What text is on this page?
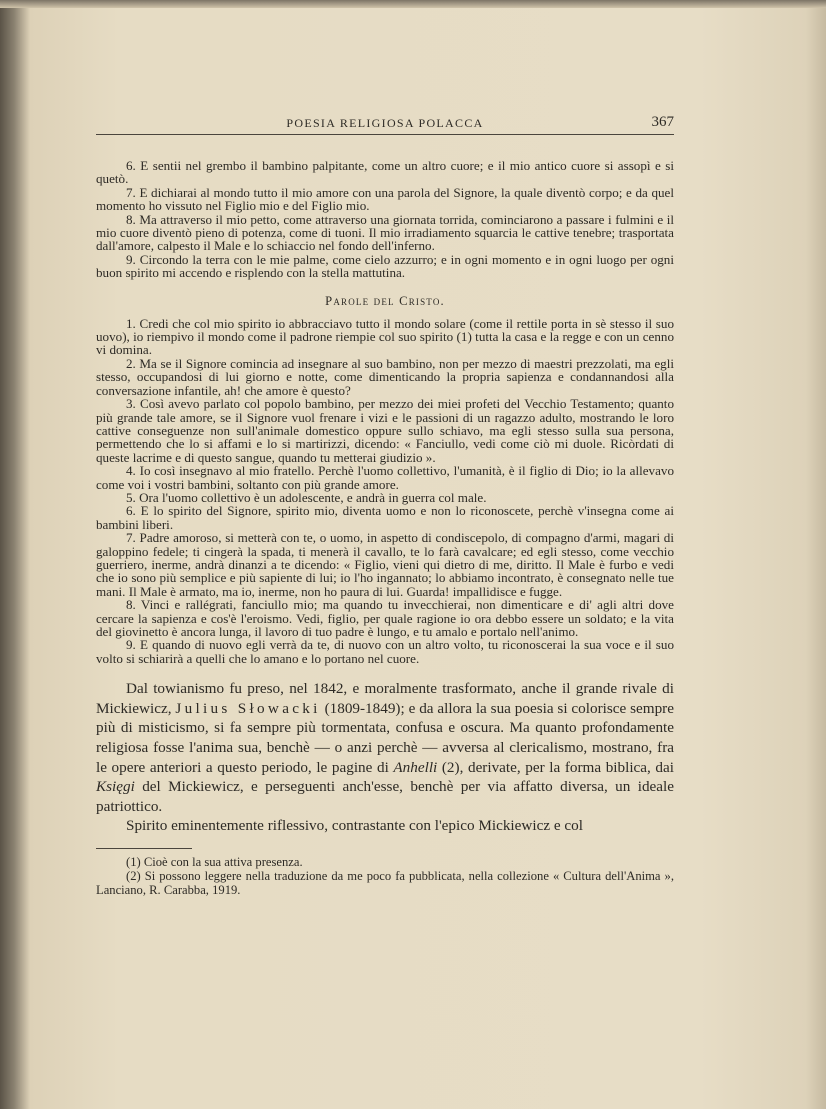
POESIA RELIGIOSA POLACCA	367

6. E sentii nel grembo il bambino palpitante, come un altro cuore; e il mio antico cuore si assopì e si quetò.

7. E dichiarai al mondo tutto il mio amore con una parola del Signore, la quale diventò corpo; e da quel momento ho vissuto nel Figlio mio e del Figlio mio.

8. Ma attraverso il mio petto, come attraverso una giornata torrida, cominciarono a passare i fulmini e il mio cuore diventò pieno di potenza, come di tuoni. Il mio irradiamento squarcia le cattive tenebre; trasportata dall'amore, calpesto il Male e lo schiaccio nel fondo dell'inferno.

9. Circondo la terra con le mie palme, come cielo azzurro; e in ogni momento e in ogni luogo per ogni buon spirito mi accendo e risplendo con la stella mattutina.

Parole del Cristo.

1. Credi che col mio spirito io abbracciavo tutto il mondo solare (come il rettile porta in sè stesso il suo uovo), io riempivo il mondo come il padrone riempie col suo spirito (1) tutta la casa e la regge e con un cenno vi domina.

2. Ma se il Signore comincia ad insegnare al suo bambino, non per mezzo di maestri prezzolati, ma egli stesso, occupandosi di lui giorno e notte, come dimenticando la propria sapienza e condannandosi alla conversazione infantile, ah! che amore è questo?

3. Così avevo parlato col popolo bambino, per mezzo dei miei profeti del Vecchio Testamento; quanto più grande tale amore, se il Signore vuol frenare i vizi e le passioni di un ragazzo adulto, mostrando le loro cattive conseguenze non sull'animale domestico oppure sullo schiavo, ma egli stesso sulla sua persona, permettendo che lo si affami e lo si martirizzi, dicendo: « Fanciullo, vedi come ciò mi duole. Ricòrdati di queste lacrime e di questo sangue, quando tu metterai giudizio ».

4. Io così insegnavo al mio fratello. Perchè l'uomo collettivo, l'umanità, è il figlio di Dio; io la allevavo come voi i vostri bambini, soltanto con più grande amore.

5. Ora l'uomo collettivo è un adolescente, e andrà in guerra col male.

6. E lo spirito del Signore, spirito mio, diventa uomo e non lo riconoscete, perchè v'insegna come ai bambini liberi.

7. Padre amoroso, si metterà con te, o uomo, in aspetto di condiscepolo, di compagno d'armi, magari di galoppino fedele; ti cingerà la spada, ti menerà il cavallo, te lo farà cavalcare; ed egli stesso, come vecchio guerriero, inerme, andrà dinanzi a te dicendo: « Figlio, vieni qui dietro di me, diritto. Il Male è furbo e vedi che io sono più semplice e più sapiente di lui; io l'ho ingannato; lo abbiamo incontrato, è consegnato nelle tue mani. Il Male è armato, ma io, inerme, non ho paura di lui. Guarda! impallidisce e fugge.

8. Vinci e rallégrati, fanciullo mio; ma quando tu invecchierai, non dimenticare e di' agli altri dove cercare la sapienza e cos'è l'eroismo. Vedi, figlio, per quale ragione io ora debbo essere un soldato; e la vita del giovinetto è ancora lunga, il lavoro di tuo padre è lungo, e tu amalo e portalo nell'animo.

9. E quando di nuovo egli verrà da te, di nuovo con un altro volto, tu riconoscerai la sua voce e il suo volto si schiarirà a quelli che lo amano e lo portano nel cuore.

Dal towianismo fu preso, nel 1842, e moralmente trasformato, anche il grande rivale di Mickiewicz, Julius Słowacki (1809-1849); e da allora la sua poesia si colorisce sempre più di misticismo, si fa sempre più tormentata, confusa e oscura. Ma quanto profondamente religiosa fosse l'anima sua, benchè — o anzi perchè — avversa al clericalismo, mostrano, fra le opere anteriori a questo periodo, le pagine di Anhelli (2), derivate, per la forma biblica, dai Księgi del Mickiewicz, e perseguenti anch'esse, benchè per via affatto diversa, un ideale patriottico.

Spirito eminentemente riflessivo, contrastante con l'epico Mickiewicz e col

(1) Cioè con la sua attiva presenza.

(2) Si possono leggere nella traduzione da me poco fa pubblicata, nella collezione « Cultura dell'Anima », Lanciano, R. Carabba, 1919.
